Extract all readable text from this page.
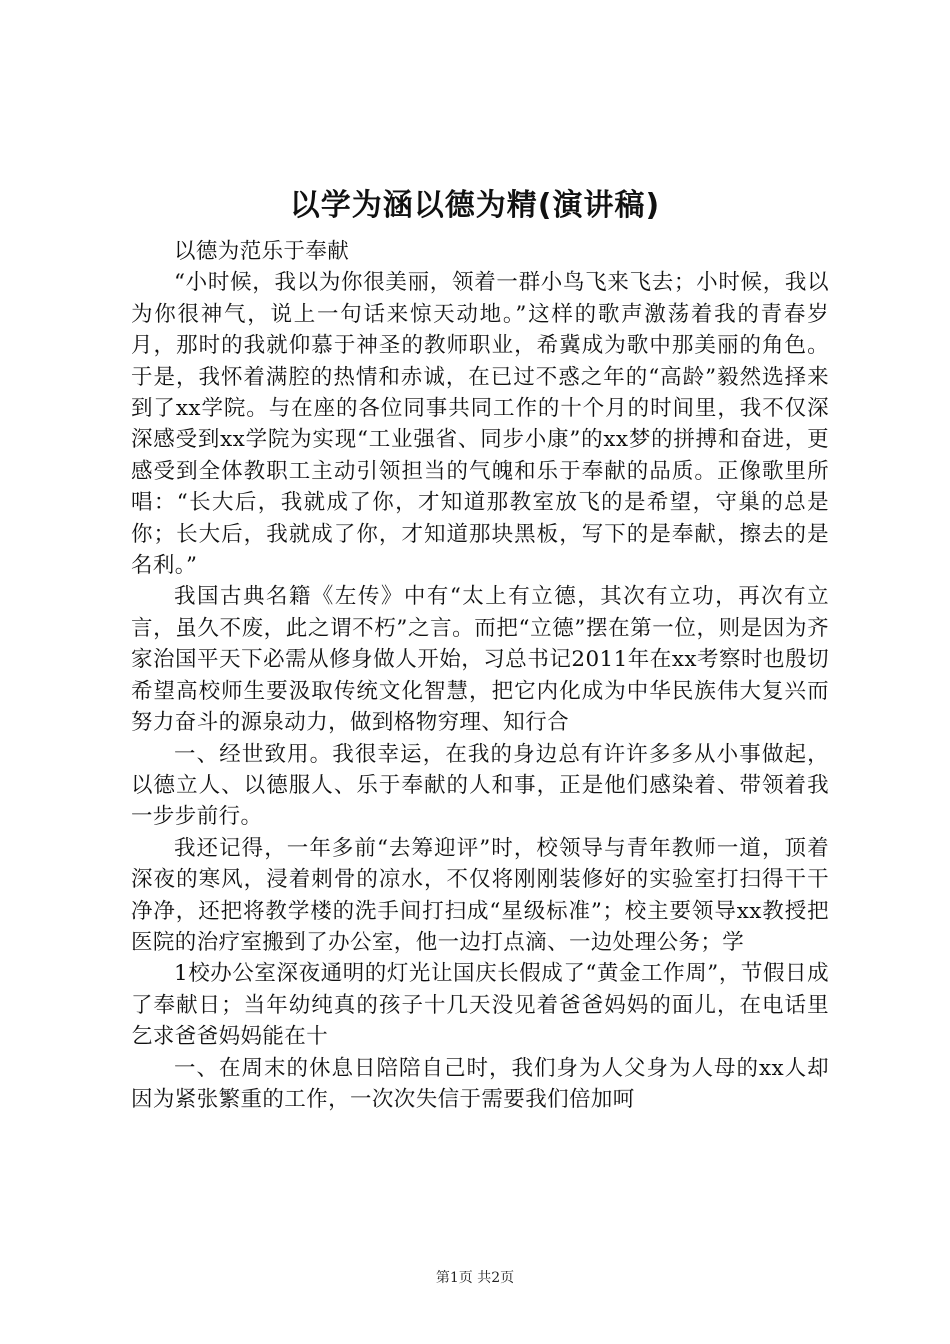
以学为涵以德为精(演讲稿)

以德为范乐于奉献

“小时候，我以为你很美丽，领着一群小鸟飞来飞去；小时候，我以为你很神气，说上一句话来惊天动地。”这样的歌声激荡着我的青春岁月，那时的我就仰慕于神圣的教师职业，希冀成为歌中那美丽的角色。于是，我怀着满腔的热情和赤诚，在已过不惑之年的“高龄”毅然选择来到了xx学院。与在座的各位同事共同工作的十个月的时间里，我不仅深深感受到xx学院为实现“工业强省、同步小康”的xx梦的拼搏和奋进，更感受到全体教职工主动引领担当的气魄和乐于奉献的品质。正像歌里所唱：“长大后，我就成了你，才知道那教室放飞的是希望，守巢的总是你；长大后，我就成了你，才知道那块黑板，写下的是奉献，擦去的是名利。”

我国古典名籍《左传》中有“太上有立德，其次有立功，再次有立言，虽久不废，此之谓不朽”之言。而把“立德”摆在第一位，则是因为齐家治国平天下必需从修身做人开始，习总书记2011年在xx考察时也殷切希望高校师生要汲取传统文化智慧，把它内化成为中华民族伟大复兴而努力奋斗的源泉动力，做到格物穷理、知行合

一、经世致用。我很幸运，在我的身边总有许许多多从小事做起，以德立人、以德服人、乐于奉献的人和事，正是他们感染着、带领着我一步步前行。

我还记得，一年多前“去筹迎评”时，校领导与青年教师一道，顶着深夜的寒风，浸着刺骨的凉水，不仅将刚刚装修好的实验室打扫得干干净净，还把将教学楼的洗手间打扫成“星级标准”；校主要领导xx教授把医院的治疗室搬到了办公室，他一边打点滴、一边处理公务；学

1校办公室深夜通明的灯光让国庆长假成了“黄金工作周”，节假日成了奉献日；当年幼纯真的孩子十几天没见着爸爸妈妈的面儿，在电话里乞求爸爸妈妈能在十

一、在周末的休息日陪陪自己时，我们身为人父身为人母的xx人却因为紧张繁重的工作，一次次失信于需要我们倍加呵

第1页 共2页
